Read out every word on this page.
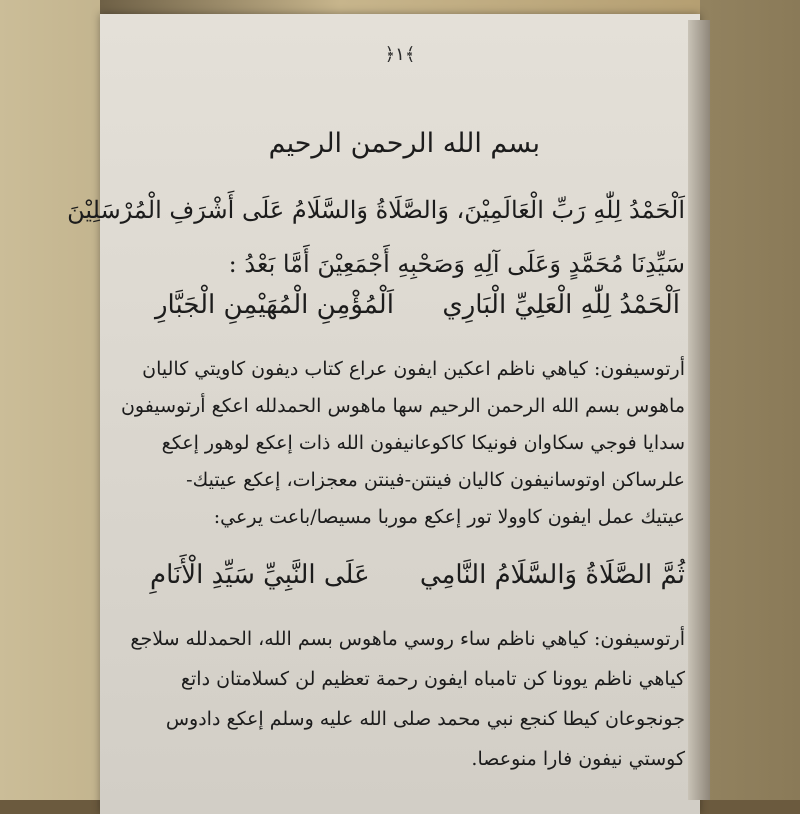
﴿١﴾
بسم الله الرحمن الرحيم
اَلْحَمْدُ لِلّٰهِ رَبِّ الْعَالَمِيْنَ، وَالصَّلَاةُ وَالسَّلَامُ عَلَى أَشْرَفِ الْمُرْسَلِيْنَ
سَيِّدِنَا مُحَمَّدٍ وَعَلَى آلِهِ وَصَحْبِهِ أَجْمَعِيْنَ أَمَّا بَعْدُ :
اَلْحَمْدُ لِلّٰهِ الْعَلِيِّ الْبَارِي
اَلْمُؤْمِنِ الْمُهَيْمِنِ الْجَبَّارِ
أرتوسيفون: كياهي ناظم اعكين ايفون عراع كتاب ديفون كاويتي كاليان
ماهوس بسم الله الرحمن الرحيم سها ماهوس الحمدلله اعكع أرتوسيفون
سدايا فوجي سكاوان فونيكا كاكوعانيفون الله ذات إعكع لوهور إعكع
علرساكن اوتوسانيفون كاليان فينتن-فينتن معجزات، إعكع عيتيك-
عيتيك عمل ايفون كاوولا تور إعكع موربا مسيصا/باعت يرعي:
ثُمَّ الصَّلَاةُ وَالسَّلَامُ النَّامِي
عَلَى النَّبِيِّ سَيِّدِ الْأَنَامِ
أرتوسيفون: كياهي ناظم ساء روسي ماهوس بسم الله، الحمدلله سلاجع
كياهي ناظم يوونا كن تامباه ايفون رحمة تعظيم لن كسلامتان داتع
جونجوعان كيطا كنجع نبي محمد صلى الله عليه وسلم إعكع دادوس
كوستي نيفون فارا منوعصا.
